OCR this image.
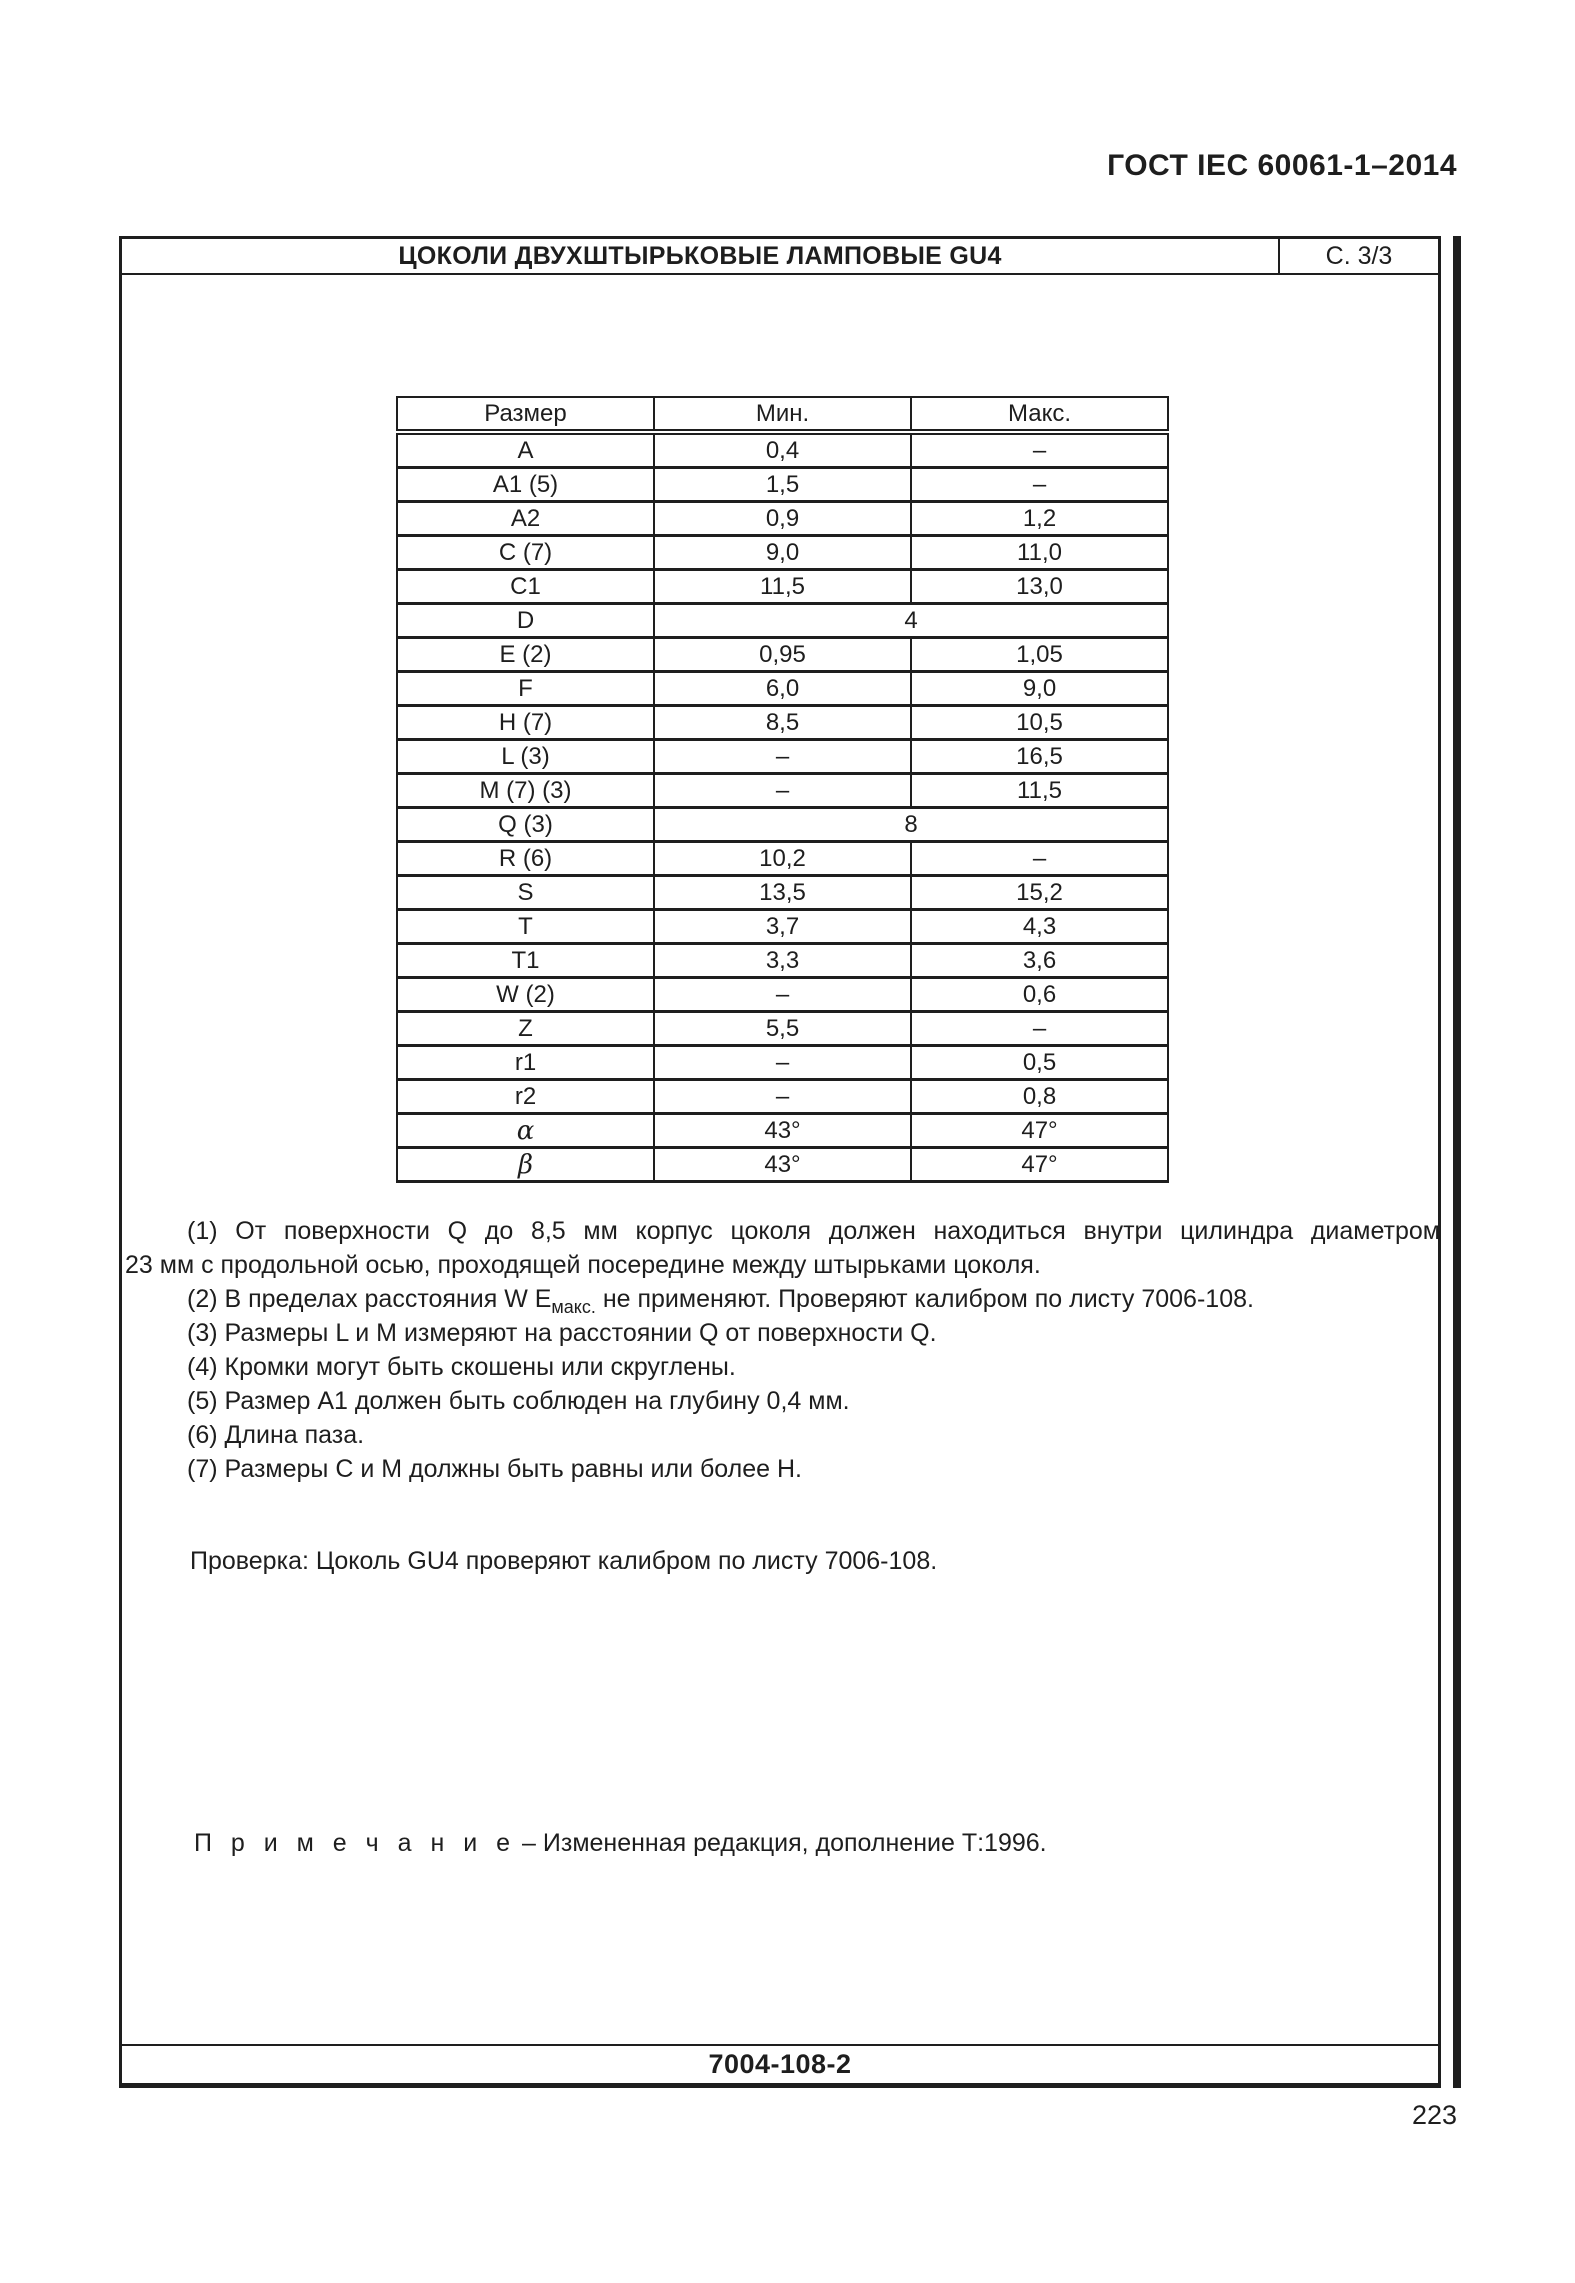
ГОСТ IEC 60061-1–2014
ЦОКОЛИ ДВУХШТЫРЬКОВЫЕ ЛАМПОВЫЕ GU4	С. 3/3
Размер	Мин.	Макс.
A	0,4	–
A1 (5)	1,5	–
A2	0,9	1,2
C (7)	9,0	11,0
C1	11,5	13,0
D	4	
E (2)	0,95	1,05
F	6,0	9,0
H (7)	8,5	10,5
L (3)	–	16,5
M (7) (3)	–	11,5
Q (3)	8	
R (6)	10,2	–
S	13,5	15,2
T	3,7	4,3
T1	3,3	3,6
W (2)	–	0,6
Z	5,5	–
r1	–	0,5
r2	–	0,8
α	43°	47°
β	43°	47°
(1) От поверхности Q до 8,5 мм корпус цоколя должен находиться внутри цилиндра диаметром
23 мм с продольной осью, проходящей посередине между штырьками цоколя.
(2) В пределах расстояния W $Е_{макс.}$ не применяют. Проверяют калибром по листу 7006-108.
(3) Размеры L и М измеряют на расстоянии Q от поверхности Q.
(4) Кромки могут быть скошены или скруглены.
(5) Размер А1 должен быть соблюден на глубину 0,4 мм.
(6) Длина паза.
(7) Размеры С и М должны быть равны или более Н.
Проверка: Цоколь GU4 проверяют калибром по листу 7006-108.
П р и м е ч а н и е – Измененная редакция, дополнение Т:1996.
7004-108-2
223
